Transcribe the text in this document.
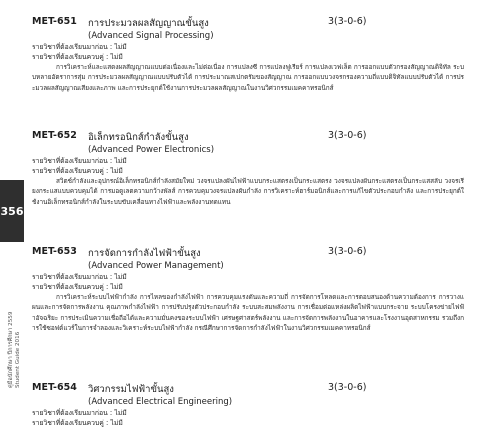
MET-651 การประมวลผลสัญญาณขั้นสูง	3(3-0-6)
(Advanced Signal Processing)
รายวิชาที่ต้องเรียนมาก่อน : ไม่มี
รายวิชาที่ต้องเรียนควบคู่ : ไม่มี
การวิเคราะห์และแสดงผลสัญญาณแบบต่อเนื่องและไม่ต่อเนื่อง การแปลงซี การแปลงฟูเรียร์ การแปลงเวฟเล็ต การออกแบบตัวกรองสัญญาณดิจิทัล ระบบหลายอัตราการสุ่ม การประมวลผลสัญญาณแบบปรับตัวได้ การประมาณสเปกตรัมของสัญญาณ การออกแบบวงจรกรองความถี่แบบดิจิทัลแบบปรับตัวได้ การประมวลผลสัญญาณเสียงและภาพ และการประยุกต์ใช้งานการประมวลผลสัญญาณในงานวิศวกรรมเมคคาทรอนิกส์
MET-652 อิเล็กทรอนิกส์กำลังขั้นสูง	3(3-0-6)
(Advanced Power Electronics)
รายวิชาที่ต้องเรียนมาก่อน : ไม่มี
รายวิชาที่ต้องเรียนควบคู่ : ไม่มี
สวิตช์กำลังและอุปกรณ์อิเล็กทรอนิกส์กำลังสมัยใหม่ วงจรแปลงผันไฟฟ้าแบบกระแสตรงเป็นกระแสตรง วงจรแปลงผันกระแสตรงเป็นกระแสสลับ วงจรเรียงกระแสแบบควบคุมได้ การมอดูเลตความกว้างพัลส์ การควบคุมวงจรแปลงผันกำลัง การวิเคราะห์ฮาร์มอนิกส์และการแก้ไขตัวประกอบกำลัง และการประยุกต์ใช้งานอิเล็กทรอนิกส์กำลังในระบบขับเคลื่อนทางไฟฟ้าและพลังงานทดแทน
MET-653 การจัดการกำลังไฟฟ้าขั้นสูง	3(3-0-6)
(Advanced Power Management)
รายวิชาที่ต้องเรียนมาก่อน : ไม่มี
รายวิชาที่ต้องเรียนควบคู่ : ไม่มี
การวิเคราะห์ระบบไฟฟ้ากำลัง การไหลของกำลังไฟฟ้า การควบคุมแรงดันและความถี่ การจัดการโหลดและการตอบสนองด้านความต้องการ การวางแผนและการจัดการพลังงาน คุณภาพกำลังไฟฟ้า การปรับปรุงตัวประกอบกำลัง ระบบสะสมพลังงาน การเชื่อมต่อแหล่งผลิตไฟฟ้าแบบกระจาย ระบบโครงข่ายไฟฟ้าอัจฉริยะ การประเมินความเชื่อถือได้และความมั่นคงของระบบไฟฟ้า เศรษฐศาสตร์พลังงาน และการจัดการพลังงานในอาคารและโรงงานอุตสาหกรรม รวมถึงการใช้ซอฟต์แวร์ในการจำลองและวิเคราะห์ระบบไฟฟ้ากำลัง กรณีศึกษาการจัดการกำลังไฟฟ้าในงานวิศวกรรมเมคคาทรอนิกส์
MET-654 วิศวกรรมไฟฟ้าขั้นสูง	3(3-0-6)
(Advanced Electrical Engineering)
รายวิชาที่ต้องเรียนมาก่อน : ไม่มี
รายวิชาที่ต้องเรียนควบคู่ : ไม่มี
356
คู่มือนักศึกษา ปีการศึกษา 2559 Student Guide 2016
